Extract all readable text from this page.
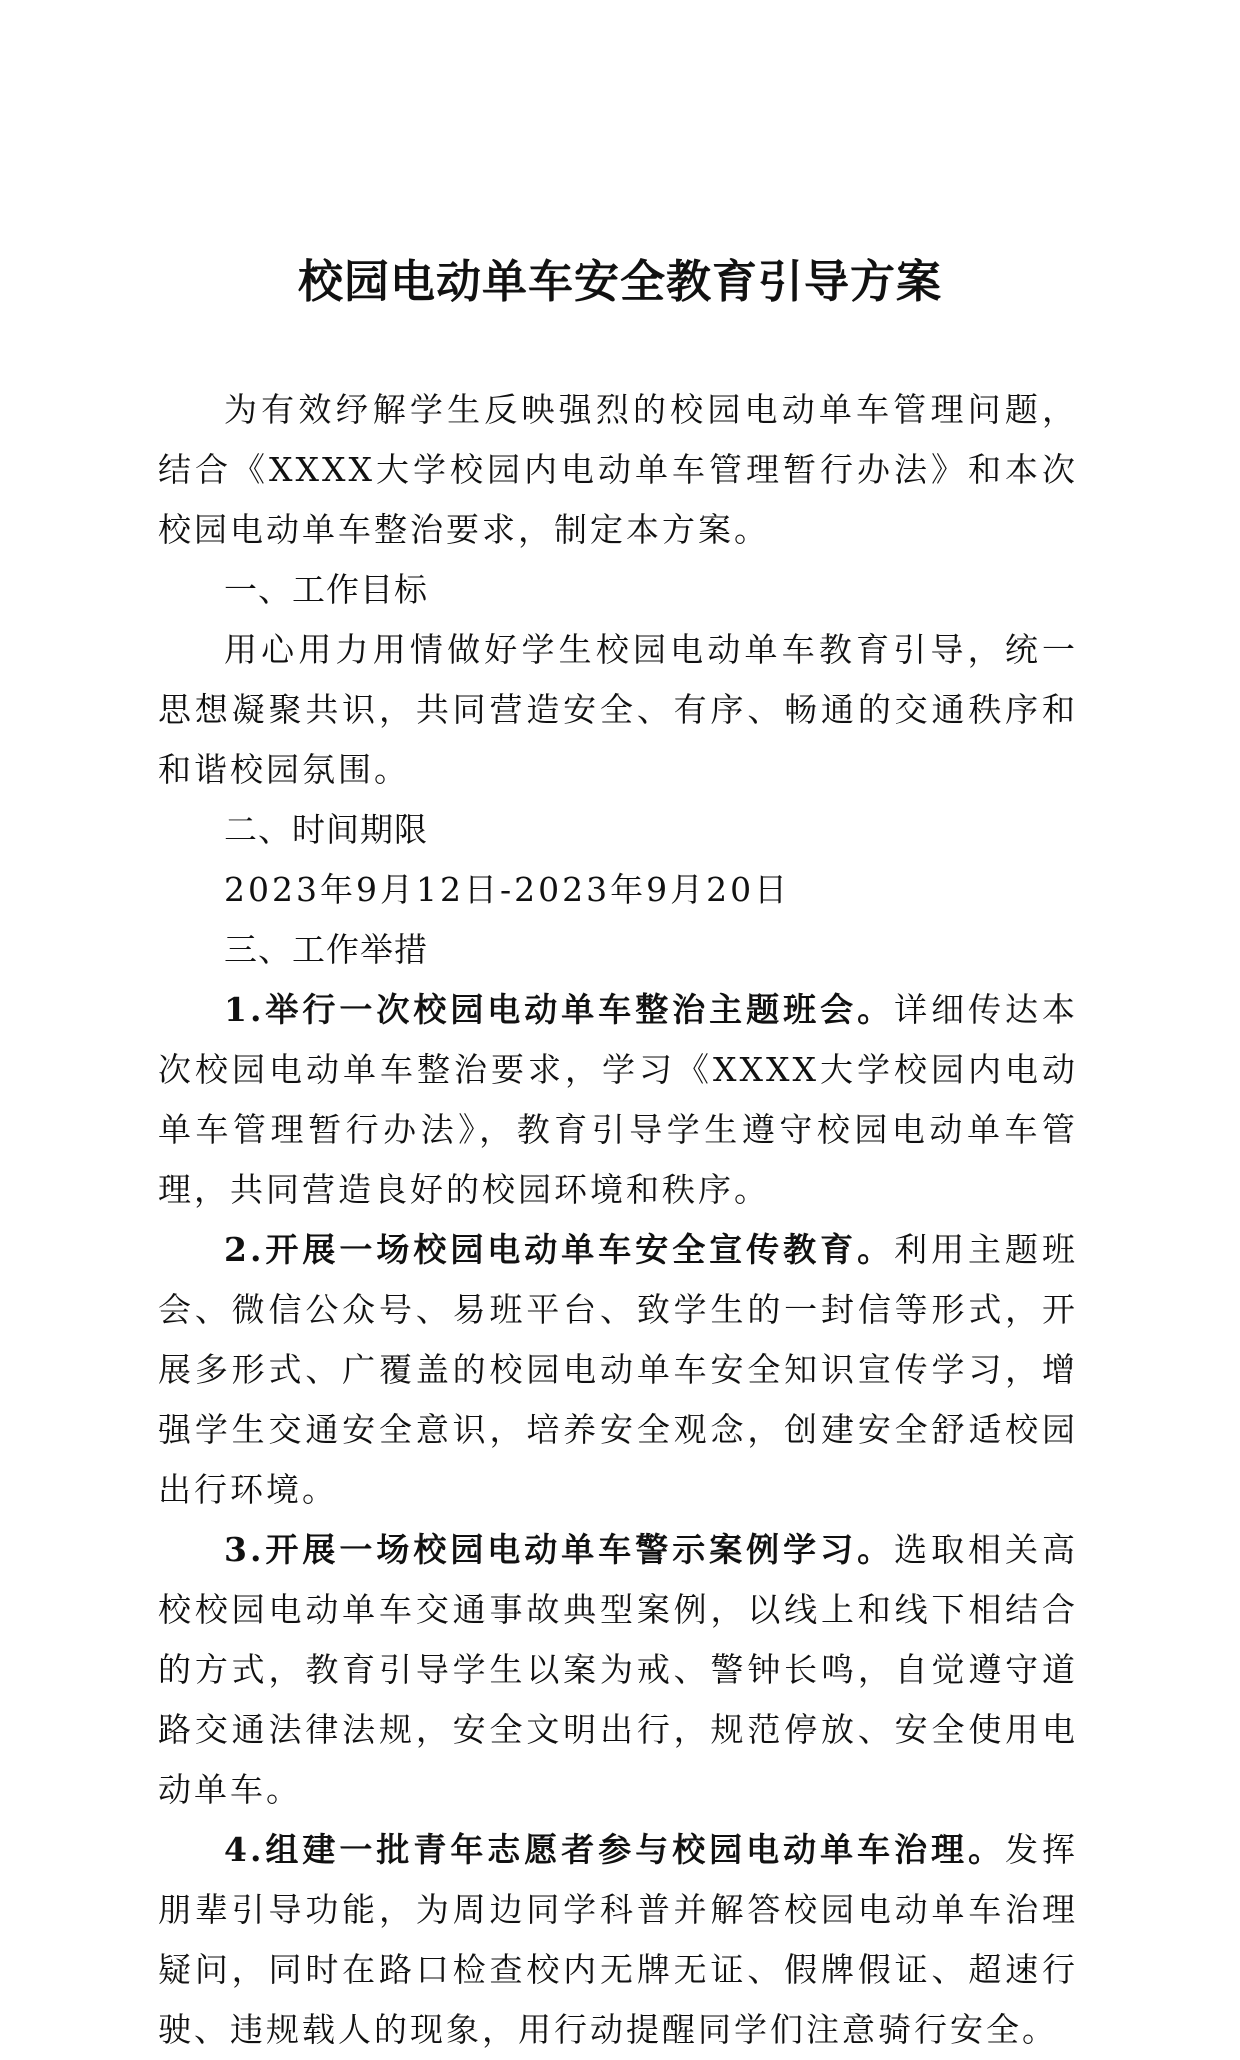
校园电动单车安全教育引导方案

为有效纾解学生反映强烈的校园电动单车管理问题，结合《XXXX大学校园内电动单车管理暂行办法》和本次校园电动单车整治要求，制定本方案。

一、工作目标

用心用力用情做好学生校园电动单车教育引导，统一思想凝聚共识，共同营造安全、有序、畅通的交通秩序和和谐校园氛围。

二、时间期限

2023年9月12日-2023年9月20日

三、工作举措

1.举行一次校园电动单车整治主题班会。详细传达本次校园电动单车整治要求，学习《XXXX大学校园内电动单车管理暂行办法》，教育引导学生遵守校园电动单车管理，共同营造良好的校园环境和秩序。

2.开展一场校园电动单车安全宣传教育。利用主题班会、微信公众号、易班平台、致学生的一封信等形式，开展多形式、广覆盖的校园电动单车安全知识宣传学习，增强学生交通安全意识，培养安全观念，创建安全舒适校园出行环境。

3.开展一场校园电动单车警示案例学习。选取相关高校校园电动单车交通事故典型案例，以线上和线下相结合的方式，教育引导学生以案为戒、警钟长鸣，自觉遵守道路交通法律法规，安全文明出行，规范停放、安全使用电动单车。

4.组建一批青年志愿者参与校园电动单车治理。发挥朋辈引导功能，为周边同学科普并解答校园电动单车治理疑问，同时在路口检查校内无牌无证、假牌假证、超速行驶、违规载人的现象，用行动提醒同学们注意骑行安全。
